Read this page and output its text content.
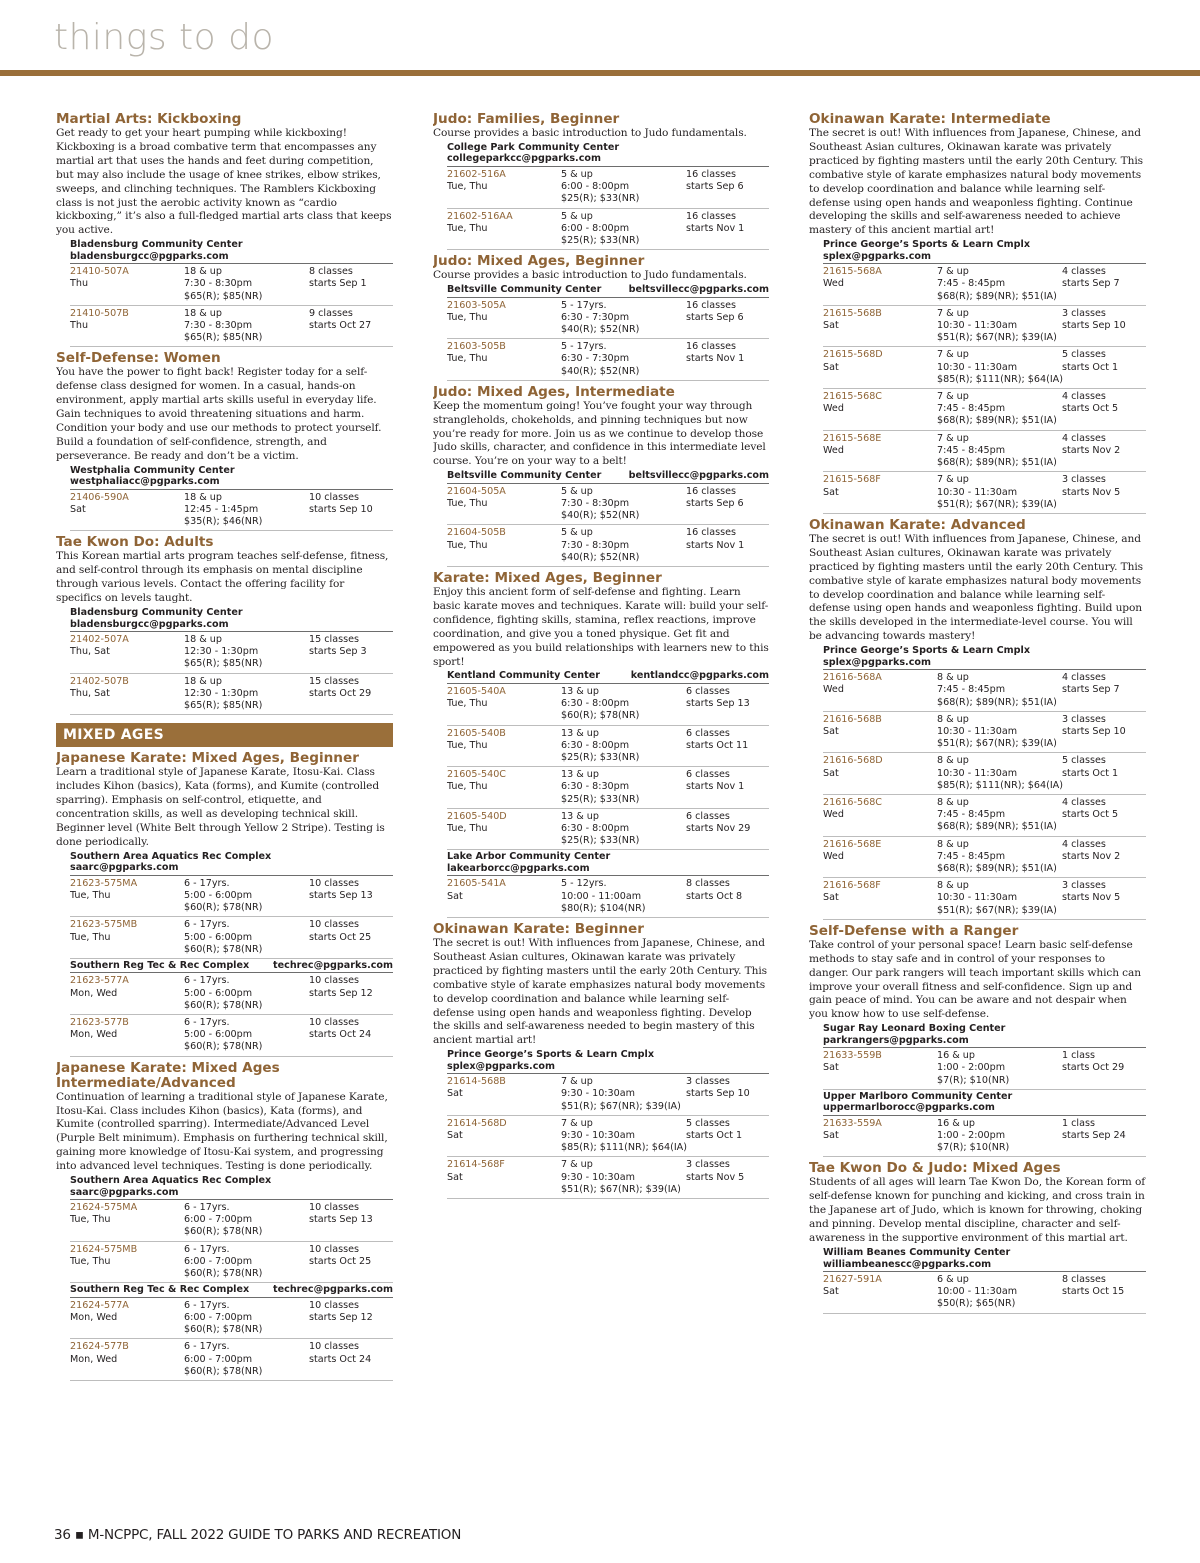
things to do
Martial Arts: Kickboxing
Get ready to get your heart pumping while kickboxing! Kickboxing is a broad combative term that encompasses any martial art that uses the hands and feet during competition, but may also include the usage of knee strikes, elbow strikes, sweeps, and clinching techniques. The Ramblers Kickboxing class is not just the aerobic activity known as “cardio kickboxing,” it’s also a full-fledged martial arts class that keeps you active.
Bladensburg Community Center
bladensburgcc@pgparks.com
21410-507A	18 & up	8 classes
Thu	7:30 - 8:30pm	starts Sep 1
$65(R); $85(NR)
21410-507B	18 & up	9 classes
Thu	7:30 - 8:30pm	starts Oct 27
$65(R); $85(NR)
Self-Defense: Women
You have the power to fight back! Register today for a self-defense class designed for women. In a casual, hands-on environment, apply martial arts skills useful in everyday life. Gain techniques to avoid threatening situations and harm. Condition your body and use our methods to protect yourself. Build a foundation of self-confidence, strength, and perseverance. Be ready and don’t be a victim.
Westphalia Community Center
westphaliacc@pgparks.com
21406-590A	18 & up	10 classes
Sat	12:45 - 1:45pm	starts Sep 10
$35(R); $46(NR)
Tae Kwon Do: Adults
This Korean martial arts program teaches self-defense, fitness, and self-control through its emphasis on mental discipline through various levels. Contact the offering facility for specifics on levels taught.
Bladensburg Community Center
bladensburgcc@pgparks.com
21402-507A	18 & up	15 classes
Thu, Sat	12:30 - 1:30pm	starts Sep 3
$65(R); $85(NR)
21402-507B	18 & up	15 classes
Thu, Sat	12:30 - 1:30pm	starts Oct 29
$65(R); $85(NR)
MIXED AGES
Japanese Karate: Mixed Ages, Beginner
Learn a traditional style of Japanese Karate, Itosu-Kai. Class includes Kihon (basics), Kata (forms), and Kumite (controlled sparring). Emphasis on self-control, etiquette, and concentration skills, as well as developing technical skill. Beginner level (White Belt through Yellow 2 Stripe). Testing is done periodically.
Southern Area Aquatics Rec Complex
saarc@pgparks.com
21623-575MA	6 - 17yrs.	10 classes
Tue, Thu	5:00 - 6:00pm	starts Sep 13
$60(R); $78(NR)
21623-575MB	6 - 17yrs.	10 classes
Tue, Thu	5:00 - 6:00pm	starts Oct 25
$60(R); $78(NR)
Southern Reg Tec & Rec Complex techrec@pgparks.com
21623-577A	6 - 17yrs.	10 classes
Mon, Wed	5:00 - 6:00pm	starts Sep 12
$60(R); $78(NR)
21623-577B	6 - 17yrs.	10 classes
Mon, Wed	5:00 - 6:00pm	starts Oct 24
$60(R); $78(NR)
Japanese Karate: Mixed Ages Intermediate/Advanced
Continuation of learning a traditional style of Japanese Karate, Itosu-Kai. Class includes Kihon (basics), Kata (forms), and Kumite (controlled sparring). Intermediate/Advanced Level (Purple Belt minimum). Emphasis on furthering technical skill, gaining more knowledge of Itosu-Kai system, and progressing into advanced level techniques. Testing is done periodically.
Southern Area Aquatics Rec Complex
saarc@pgparks.com
21624-575MA	6 - 17yrs.	10 classes
Tue, Thu	6:00 - 7:00pm	starts Sep 13
$60(R); $78(NR)
21624-575MB	6 - 17yrs.	10 classes
Tue, Thu	6:00 - 7:00pm	starts Oct 25
$60(R); $78(NR)
Southern Reg Tec & Rec Complex techrec@pgparks.com
21624-577A	6 - 17yrs.	10 classes
Mon, Wed	6:00 - 7:00pm	starts Sep 12
$60(R); $78(NR)
21624-577B	6 - 17yrs.	10 classes
Mon, Wed	6:00 - 7:00pm	starts Oct 24
$60(R); $78(NR)
Judo: Families, Beginner
Course provides a basic introduction to Judo fundamentals.
College Park Community Center
collegeparkcc@pgparks.com
21602-516A	5 & up	16 classes
Tue, Thu	6:00 - 8:00pm	starts Sep 6
$25(R); $33(NR)
21602-516AA	5 & up	16 classes
Tue, Thu	6:00 - 8:00pm	starts Nov 1
$25(R); $33(NR)
Judo: Mixed Ages, Beginner
Course provides a basic introduction to Judo fundamentals.
Beltsville Community Center	beltsvillecc@pgparks.com
21603-505A	5 - 17yrs.	16 classes
Tue, Thu	6:30 - 7:30pm	starts Sep 6
$40(R); $52(NR)
21603-505B	5 - 17yrs.	16 classes
Tue, Thu	6:30 - 7:30pm	starts Nov 1
$40(R); $52(NR)
Judo: Mixed Ages, Intermediate
Keep the momentum going! You’ve fought your way through strangleholds, chokeholds, and pinning techniques but now you’re ready for more. Join us as we continue to develop those Judo skills, character, and confidence in this intermediate level course. You’re on your way to a belt!
Beltsville Community Center	beltsvillecc@pgparks.com
21604-505A	5 & up	16 classes
Tue, Thu	7:30 - 8:30pm	starts Sep 6
$40(R); $52(NR)
21604-505B	5 & up	16 classes
Tue, Thu	7:30 - 8:30pm	starts Nov 1
$40(R); $52(NR)
Karate: Mixed Ages, Beginner
Enjoy this ancient form of self-defense and fighting. Learn basic karate moves and techniques. Karate will: build your self-confidence, fighting skills, stamina, reflex reactions, improve coordination, and give you a toned physique. Get fit and empowered as you build relationships with learners new to this sport!
Kentland Community Center	kentlandcc@pgparks.com
21605-540A	13 & up	6 classes
Tue, Thu	6:30 - 8:00pm	starts Sep 13
$60(R); $78(NR)
21605-540B	13 & up	6 classes
Tue, Thu	6:30 - 8:00pm	starts Oct 11
$25(R); $33(NR)
21605-540C	13 & up	6 classes
Tue, Thu	6:30 - 8:30pm	starts Nov 1
$25(R); $33(NR)
21605-540D	13 & up	6 classes
Tue, Thu	6:30 - 8:00pm	starts Nov 29
$25(R); $33(NR)
Lake Arbor Community Center
lakearborcc@pgparks.com
21605-541A	5 - 12yrs.	8 classes
Sat	10:00 - 11:00am	starts Oct 8
$80(R); $104(NR)
Okinawan Karate: Beginner
The secret is out! With influences from Japanese, Chinese, and Southeast Asian cultures, Okinawan karate was privately practiced by fighting masters until the early 20th Century. This combative style of karate emphasizes natural body movements to develop coordination and balance while learning self-defense using open hands and weaponless fighting. Develop the skills and self-awareness needed to begin mastery of this ancient martial art!
Prince George’s Sports & Learn Cmplx
splex@pgparks.com
21614-568B	7 & up	3 classes
Sat	9:30 - 10:30am	starts Sep 10
$51(R); $67(NR); $39(IA)
21614-568D	7 & up	5 classes
Sat	9:30 - 10:30am	starts Oct 1
$85(R); $111(NR); $64(IA)
21614-568F	7 & up	3 classes
Sat	9:30 - 10:30am	starts Nov 5
$51(R); $67(NR); $39(IA)
Okinawan Karate: Intermediate
The secret is out! With influences from Japanese, Chinese, and Southeast Asian cultures, Okinawan karate was privately practiced by fighting masters until the early 20th Century. This combative style of karate emphasizes natural body movements to develop coordination and balance while learning self-defense using open hands and weaponless fighting. Continue developing the skills and self-awareness needed to achieve mastery of this ancient martial art!
Prince George’s Sports & Learn Cmplx
splex@pgparks.com
21615-568A	7 & up	4 classes
Wed	7:45 - 8:45pm	starts Sep 7
$68(R); $89(NR); $51(IA)
21615-568B	7 & up	3 classes
Sat	10:30 - 11:30am	starts Sep 10
$51(R); $67(NR); $39(IA)
21615-568D	7 & up	5 classes
Sat	10:30 - 11:30am	starts Oct 1
$85(R); $111(NR); $64(IA)
21615-568C	7 & up	4 classes
Wed	7:45 - 8:45pm	starts Oct 5
$68(R); $89(NR); $51(IA)
21615-568E	7 & up	4 classes
Wed	7:45 - 8:45pm	starts Nov 2
$68(R); $89(NR); $51(IA)
21615-568F	7 & up	3 classes
Sat	10:30 - 11:30am	starts Nov 5
$51(R); $67(NR); $39(IA)
Okinawan Karate: Advanced
The secret is out! With influences from Japanese, Chinese, and Southeast Asian cultures, Okinawan karate was privately practiced by fighting masters until the early 20th Century. This combative style of karate emphasizes natural body movements to develop coordination and balance while learning self-defense using open hands and weaponless fighting. Build upon the skills developed in the intermediate-level course. You will be advancing towards mastery!
Prince George’s Sports & Learn Cmplx
splex@pgparks.com
21616-568A	8 & up	4 classes
Wed	7:45 - 8:45pm	starts Sep 7
$68(R); $89(NR); $51(IA)
21616-568B	8 & up	3 classes
Sat	10:30 - 11:30am	starts Sep 10
$51(R); $67(NR); $39(IA)
21616-568D	8 & up	5 classes
Sat	10:30 - 11:30am	starts Oct 1
$85(R); $111(NR); $64(IA)
21616-568C	8 & up	4 classes
Wed	7:45 - 8:45pm	starts Oct 5
$68(R); $89(NR); $51(IA)
21616-568E	8 & up	4 classes
Wed	7:45 - 8:45pm	starts Nov 2
$68(R); $89(NR); $51(IA)
21616-568F	8 & up	3 classes
Sat	10:30 - 11:30am	starts Nov 5
$51(R); $67(NR); $39(IA)
Self-Defense with a Ranger
Take control of your personal space! Learn basic self-defense methods to stay safe and in control of your responses to danger. Our park rangers will teach important skills which can improve your overall fitness and self-confidence. Sign up and gain peace of mind. You can be aware and not despair when you know how to use self-defense.
Sugar Ray Leonard Boxing Center
parkrangers@pgparks.com
21633-559B	16 & up	1 class
Sat	1:00 - 2:00pm	starts Oct 29
$7(R); $10(NR)
Upper Marlboro Community Center
uppermarlborocc@pgparks.com
21633-559A	16 & up	1 class
Sat	1:00 - 2:00pm	starts Sep 24
$7(R); $10(NR)
Tae Kwon Do & Judo: Mixed Ages
Students of all ages will learn Tae Kwon Do, the Korean form of self-defense known for punching and kicking, and cross train in the Japanese art of Judo, which is known for throwing, choking and pinning. Develop mental discipline, character and self-awareness in the supportive environment of this martial art.
William Beanes Community Center
williambeanescc@pgparks.com
21627-591A	6 & up	8 classes
Sat	10:00 - 11:30am	starts Oct 15
$50(R); $65(NR)
36 ▪ M-NCPPC, FALL 2022 GUIDE TO PARKS AND RECREATION
